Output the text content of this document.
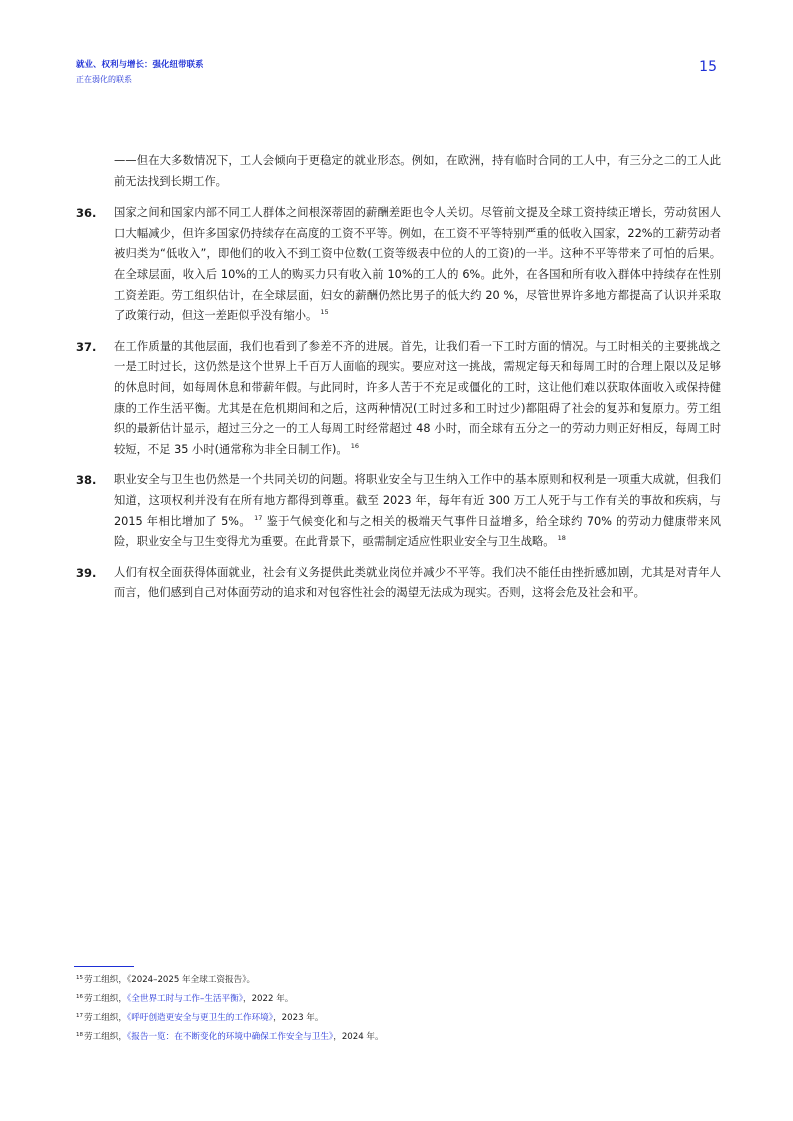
就业、权利与增长：强化纽带联系
正在弱化的联系
15

——但在大多数情况下，工人会倾向于更稳定的就业形态。例如，在欧洲，持有临时合同的工人中，有三分之二的工人此前无法找到长期工作。

36. 国家之间和国家内部不同工人群体之间根深蒂固的薪酬差距也令人关切。尽管前文提及全球工资持续正增长，劳动贫困人口大幅减少，但许多国家仍持续存在高度的工资不平等。例如，在工资不平等特别严重的低收入国家，22%的工薪劳动者被归类为“低收入”，即他们的收入不到工资中位数(工资等级表中位的人的工资)的一半。这种不平等带来了可怕的后果。在全球层面，收入后 10%的工人的购买力只有收入前 10%的工人的 6%。此外，在各国和所有收入群体中持续存在性别工资差距。劳工组织估计，在全球层面，妇女的薪酬仍然比男子的低大约 20 %，尽管世界许多地方都提高了认识并采取了政策行动，但这一差距似乎没有缩小。 $^{15}$

37. 在工作质量的其他层面，我们也看到了参差不齐的进展。首先，让我们看一下工时方面的情况。与工时相关的主要挑战之一是工时过长，这仍然是这个世界上千百万人面临的现实。要应对这一挑战，需规定每天和每周工时的合理上限以及足够的休息时间，如每周休息和带薪年假。与此同时，许多人苦于不充足或僵化的工时，这让他们难以获取体面收入或保持健康的工作生活平衡。尤其是在危机期间和之后，这两种情况(工时过多和工时过少)都阻碍了社会的复苏和复原力。劳工组织的最新估计显示，超过三分之一的工人每周工时经常超过 48 小时，而全球有五分之一的劳动力则正好相反，每周工时较短，不足 35 小时(通常称为非全日制工作)。 $^{16}$

38. 职业安全与卫生也仍然是一个共同关切的问题。将职业安全与卫生纳入工作中的基本原则和权利是一项重大成就，但我们知道，这项权利并没有在所有地方都得到尊重。截至 2023 年，每年有近 300 万工人死于与工作有关的事故和疾病，与 2015 年相比增加了 5%。 $^{17}$ 鉴于气候变化和与之相关的极端天气事件日益增多，给全球约 70% 的劳动力健康带来风险，职业安全与卫生变得尤为重要。在此背景下，亟需制定适应性职业安全与卫生战略。 $^{18}$

39. 人们有权全面获得体面就业，社会有义务提供此类就业岗位并减少不平等。我们决不能任由挫折感加剧，尤其是对青年人而言，他们感到自己对体面劳动的追求和对包容性社会的渴望无法成为现实。否则，这将会危及社会和平。

$^{15}$劳工组织，《2024–2025 年全球工资报告》。
$^{16}$劳工组织，《全世界工时与工作–生活平衡》，2022 年。
$^{17}$劳工组织，《呼吁创造更安全与更卫生的工作环境》，2023 年。
$^{18}$劳工组织，《报告一览：在不断变化的环境中确保工作安全与卫生》，2024 年。
